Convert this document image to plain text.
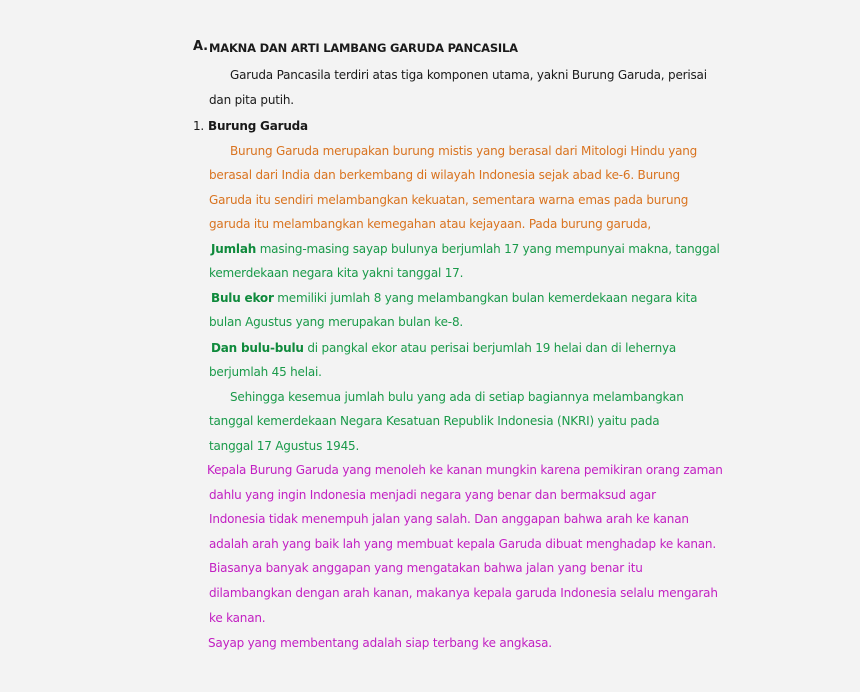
A. MAKNA DAN ARTI LAMBANG GARUDA PANCASILA
Garuda Pancasila terdiri atas tiga komponen utama, yakni Burung Garuda, perisai
dan pita putih.
1. Burung Garuda
Burung Garuda merupakan burung mistis yang berasal dari Mitologi Hindu yang
berasal dari India dan berkembang di wilayah Indonesia sejak abad ke-6. Burung
Garuda itu sendiri melambangkan kekuatan, sementara warna emas pada burung
garuda itu melambangkan kemegahan atau kejayaan. Pada burung garuda,
Jumlah masing-masing sayap bulunya berjumlah 17 yang mempunyai makna, tanggal
kemerdekaan negara kita yakni tanggal 17.
Bulu ekor memiliki jumlah 8 yang melambangkan bulan kemerdekaan negara kita
bulan Agustus yang merupakan bulan ke-8.
Dan bulu-bulu di pangkal ekor atau perisai berjumlah 19 helai dan di lehernya
berjumlah 45 helai.
Sehingga kesemua jumlah bulu yang ada di setiap bagiannya melambangkan
tanggal kemerdekaan Negara Kesatuan Republik Indonesia (NKRI) yaitu pada
tanggal 17 Agustus 1945.
Kepala Burung Garuda yang menoleh ke kanan mungkin karena pemikiran orang zaman
dahlu yang ingin Indonesia menjadi negara yang benar dan bermaksud agar
Indonesia tidak menempuh jalan yang salah. Dan anggapan bahwa arah ke kanan
adalah arah yang baik lah yang membuat kepala Garuda dibuat menghadap ke kanan.
Biasanya banyak anggapan yang mengatakan bahwa jalan yang benar itu
dilambangkan dengan arah kanan, makanya kepala garuda Indonesia selalu mengarah
ke kanan.
Sayap yang membentang adalah siap terbang ke angkasa.
